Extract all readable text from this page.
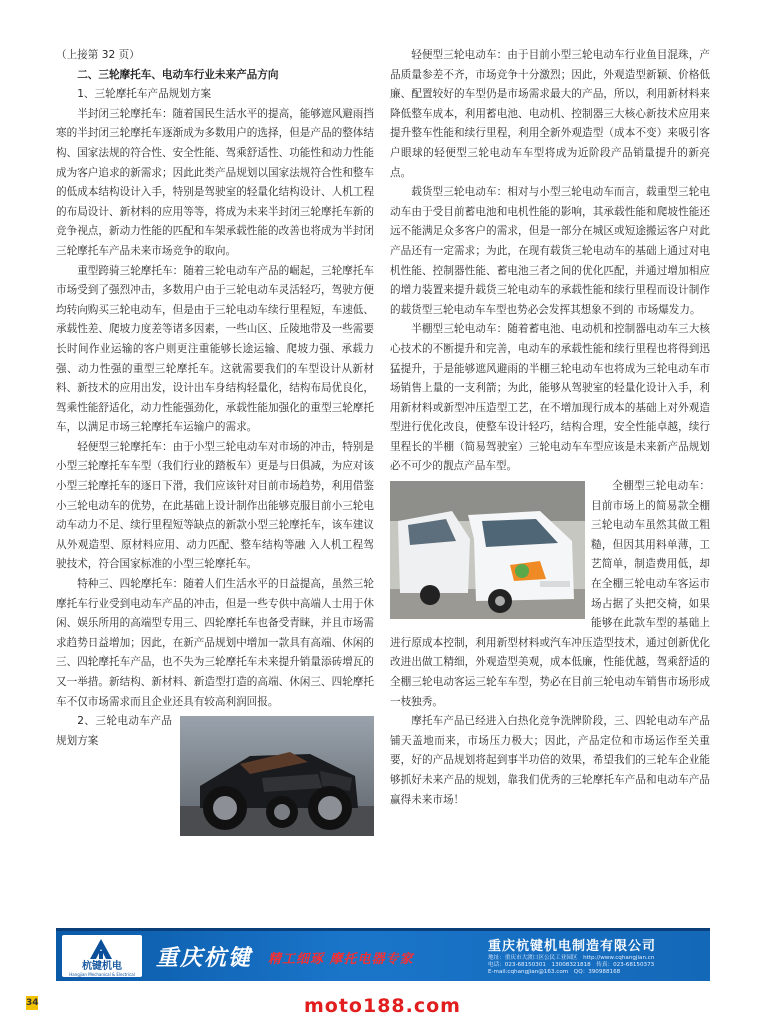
（上接第 32 页）

二、三轮摩托车、电动车行业未来产品方向

1、三轮摩托车产品规划方案

半封闭三轮摩托车：随着国民生活水平的提高，能够遮风避雨挡寒的半封闭三轮摩托车逐渐成为多数用户的选择，但是产品的整体结构、国家法规的符合性、安全性能、驾乘舒适性、功能性和动力性能成为客户追求的新需求；因此此类产品规划以国家法规符合性和整车的低成本结构设计入手，特别是驾驶室的轻量化结构设计、人机工程的布局设计、新材料的应用等等，将成为未来半封闭三轮摩托车新的竞争视点，新动力性能的匹配和车架承载性能的改善也将成为半封闭三轮摩托车产品未来市场竞争的取向。

重型跨骑三轮摩托车：随着三轮电动车产品的崛起，三轮摩托车市场受到了强烈冲击，多数用户由于三轮电动车灵活轻巧，驾驶方便均转向购买三轮电动车，但是由于三轮电动车续行里程短，车速低、承载性差、爬坡力度差等诸多因素，一些山区、丘陵地带及一些需要长时间作业运输的客户则更注重能够长途运输、爬坡力强、承载力强、动力性强的重型三轮摩托车。这就需要我们的车型设计从新材料、新技术的应用出发，设计出车身结构轻量化，结构布局优良化，驾乘性能舒适化，动力性能强劲化，承载性能加强化的重型三轮摩托车，以满足市场三轮摩托车运输户的需求。

轻便型三轮摩托车：由于小型三轮电动车对市场的冲击，特别是小型三轮摩托车车型（我们行业的踏板车）更是与日俱减，为应对该小型三轮摩托车的逐日下滑，我们应该针对目前市场趋势，利用借鉴小三轮电动车的优势，在此基础上设计制作出能够克服目前小三轮电动车动力不足、续行里程短等缺点的新款小型三轮摩托车，该车建议从外观造型、原材料应用、动力匹配、整车结构等融 入人机工程驾驶技术，符合国家标准的小型三轮摩托车。

特种三、四轮摩托车：随着人们生活水平的日益提高，虽然三轮摩托车行业受到电动车产品的冲击，但是一些专供中高端人士用于休闲、娱乐所用的高端型专用三、四轮摩托车也备受青睐，并且市场需求趋势日益增加；因此，在新产品规划中增加一款具有高端、休闲的三、四轮摩托车产品，也不失为三轮摩托车未来提升销量添砖增瓦的又一举措。新结构、新材料、新造型打造的高端、休闲三、四轮摩托车不仅市场需求而且企业还具有较高利润回报。

2、三轮电动车产品规划方案

轻便型三轮电动车：由于目前小型三轮电动车行业鱼目混珠，产品质量参差不齐，市场竞争十分激烈；因此，外观造型新颖、价格低廉、配置较好的车型仍是市场需求最大的产品，所以，利用新材料来降低整车成本，利用蓄电池、电动机、控制器三大核心新技术应用来提升整车性能和续行里程，利用全新外观造型（成本不变）来吸引客户眼球的轻便型三轮电动车车型将成为近阶段产品销量提升的新亮点。

载货型三轮电动车：相对与小型三轮电动车而言，载重型三轮电动车由于受目前蓄电池和电机性能的影响，其承载性能和爬坡性能还远不能满足众多客户的需求，但是一部分在城区或短途搬运客户对此产品还有一定需求；为此，在现有载货三轮电动车的基础上通过对电机性能、控制器性能、蓄电池三者之间的优化匹配，并通过增加相应的增力装置来提升载货三轮电动车的承载性能和续行里程而设计制作的载货型三轮电动车车型也势必会发挥其想象不到的 市场爆发力。

半棚型三轮电动车：随着蓄电池、电动机和控制器电动车三大核心技术的不断提升和完善，电动车的承载性能和续行里程也将得到迅猛提升，于是能够遮风避雨的半棚三轮电动车也将成为三轮电动车市场销售上量的一支利箭；为此，能够从驾驶室的轻量化设计入手，利用新材料或新型冲压造型工艺，在不增加现行成本的基础上对外观造型进行优化改良，使整车设计轻巧，结构合理，安全性能卓越，续行里程长的半棚（简易驾驶室）三轮电动车车型应该是未来新产品规划必不可少的靓点产品车型。

全棚型三轮电动车：目前市场上的简易款全棚三轮电动车虽然其做工粗糙，但因其用料单薄，工艺简单，制造费用低，却在全棚三轮电动车客运市场占据了头把交椅，如果能够在此款车型的基础上进行原成本控制，利用新型材料或汽车冲压造型技术，通过创新优化改进出做工精细，外观造型美观，成本低廉，性能优越，驾乘舒适的全棚三轮电动客运三轮车车型，势必在目前三轮电动车销售市场形成一枝独秀。

摩托车产品已经进入白热化竞争洗牌阶段，三、四轮电动车产品铺天盖地而来，市场压力极大；因此，产品定位和市场运作至关重要，好的产品规划将起到事半功倍的效果，希望我们的三轮车企业能够抓好未来产品的规划，靠我们优秀的三轮摩托车产品和电动车产品赢得未来市场！

杭键机电
Hangjian Mechanical & Electrical
重庆杭键 精工细琢 摩托电器专家
重庆杭键机电制造有限公司
地址：重庆市大渡口区公民工业园区　http://www.cqhangjian.cn
电话：023-68150301　13008321818　传真：023-68150373
E-mail:cqhangjian@163.com　QQ：390988168
34	moto188.com
